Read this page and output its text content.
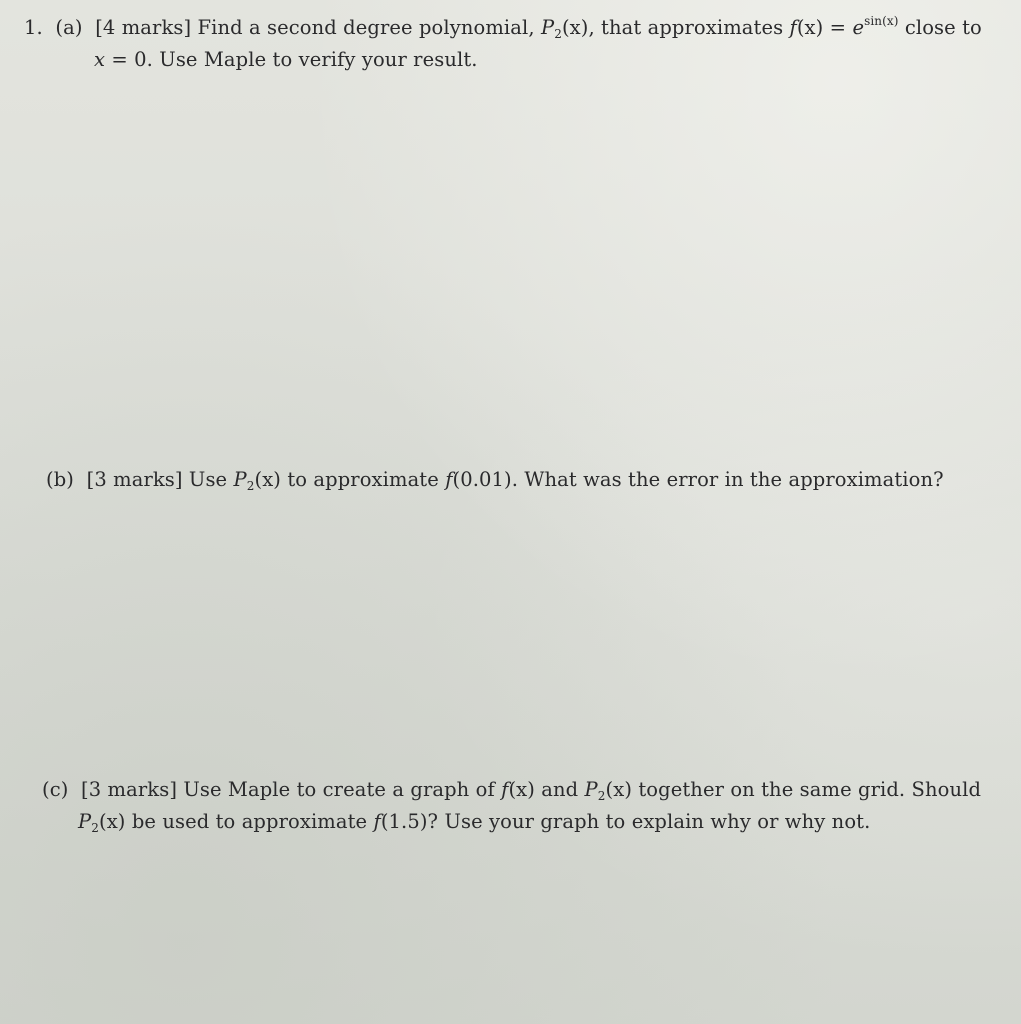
1. (a) [4 marks] Find a second degree polynomial, $P_2(x)$, that approximates $f(x) = e^{sin(x)}$ close to
x = 0. Use Maple to verify your result.
(b) [3 marks] Use $P_2(x)$ to approximate f(0.01). What was the error in the approximation?
(c) [3 marks] Use Maple to create a graph of f(x) and $P_2(x)$ together on the same grid. Should
$P_2(x)$ be used to approximate f(1.5)? Use your graph to explain why or why not.
